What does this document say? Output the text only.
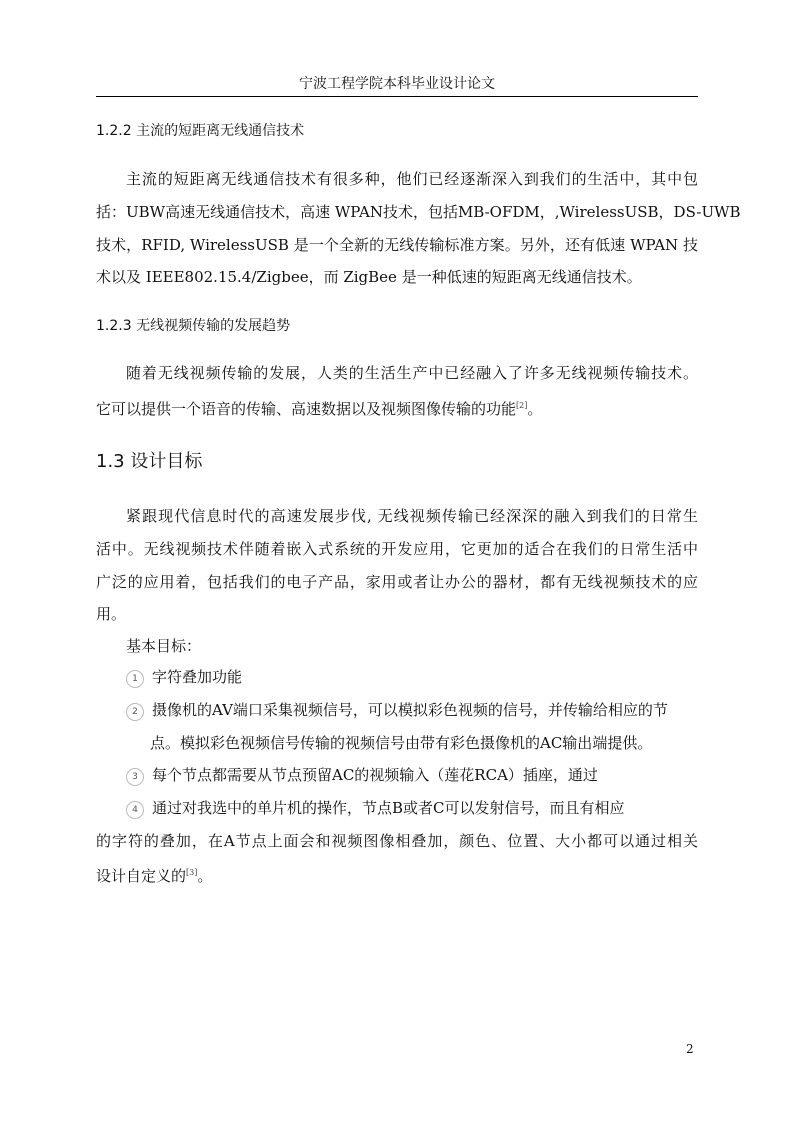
宁波工程学院本科毕业设计论文
1.2.2 主流的短距离无线通信技术
主流的短距离无线通信技术有很多种，他们已经逐渐深入到我们的生活中，其中包
括：UBW高速无线通信技术，高速 WPAN技术，包括MB-OFDM，,WirelessUSB，DS-UWB
技术，RFID, WirelessUSB 是一个全新的无线传输标准方案。另外，还有低速 WPAN 技
术以及 IEEE802.15.4/Zigbee，而 ZigBee 是一种低速的短距离无线通信技术。
1.2.3 无线视频传输的发展趋势
随着无线视频传输的发展，人类的生活生产中已经融入了许多无线视频传输技术。
它可以提供一个语音的传输、高速数据以及视频图像传输的功能[2]。
1.3 设计目标
紧跟现代信息时代的高速发展步伐, 无线视频传输已经深深的融入到我们的日常生
活中。无线视频技术伴随着嵌入式系统的开发应用，它更加的适合在我们的日常生活中
广泛的应用着，包括我们的电子产品，家用或者让办公的器材，都有无线视频技术的应
用。
基本目标：
1 字符叠加功能
2 摄像机的AV端口采集视频信号，可以模拟彩色视频的信号，并传输给相应的节
点。模拟彩色视频信号传输的视频信号由带有彩色摄像机的AC输出端提供。
3 每个节点都需要从节点预留AC的视频输入（莲花RCA）插座，通过
4 通过对我选中的单片机的操作，节点B或者C可以发射信号，而且有相应
的字符的叠加，在A节点上面会和视频图像相叠加，颜色、位置、大小都可以通过相关
设计自定义的[3]。
2
